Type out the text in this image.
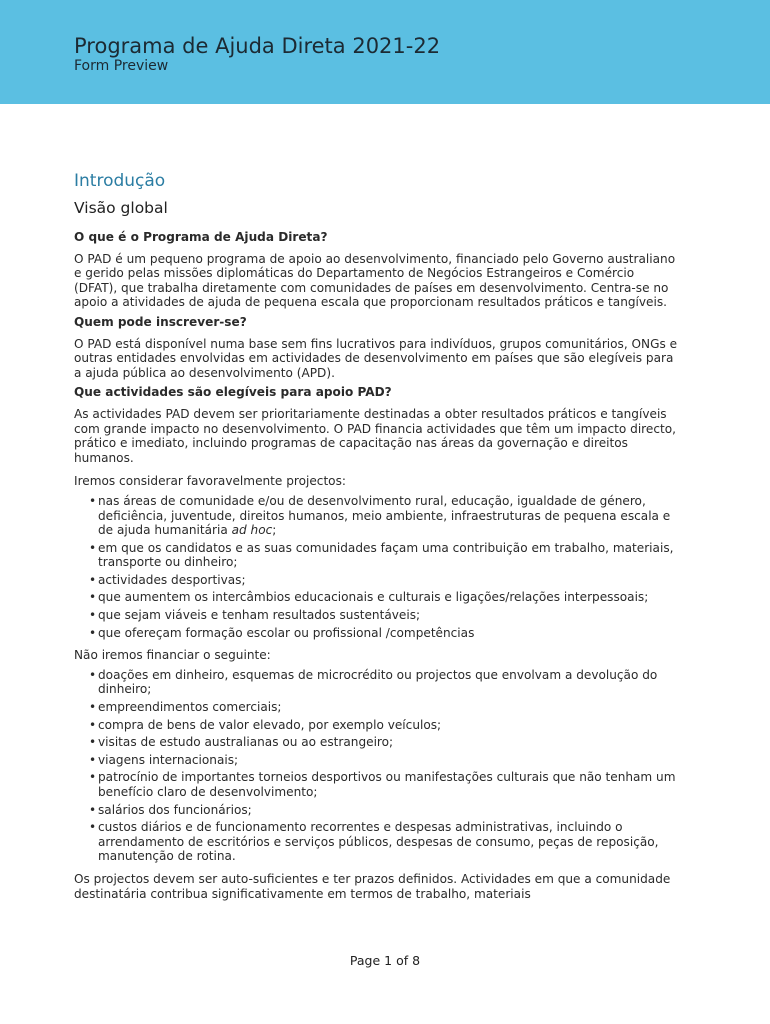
Programa de Ajuda Direta 2021-22
Form Preview
Introdução
Visão global
O que é o Programa de Ajuda Direta?
O PAD é um pequeno programa de apoio ao desenvolvimento, financiado pelo Governo australiano e gerido pelas missões diplomáticas do Departamento de Negócios Estrangeiros e Comércio (DFAT), que trabalha diretamente com comunidades de países em desenvolvimento. Centra-se no apoio a atividades de ajuda de pequena escala que proporcionam resultados práticos e tangíveis.
Quem pode inscrever-se?
O PAD está disponível numa base sem fins lucrativos para indivíduos, grupos comunitários, ONGs e outras entidades envolvidas em actividades de desenvolvimento em países que são elegíveis para a ajuda pública ao desenvolvimento (APD).
Que actividades são elegíveis para apoio PAD?
As actividades PAD devem ser prioritariamente destinadas a obter resultados práticos e tangíveis com grande impacto no desenvolvimento. O PAD financia actividades que têm um impacto directo, prático e imediato, incluindo programas de capacitação nas áreas da governação e direitos humanos.
Iremos considerar favoravelmente projectos:
• nas áreas de comunidade e/ou de desenvolvimento rural, educação, igualdade de género, deficiência, juventude, direitos humanos, meio ambiente, infraestruturas de pequena escala e de ajuda humanitária ad hoc;
• em que os candidatos e as suas comunidades façam uma contribuição em trabalho, materiais, transporte ou dinheiro;
• actividades desportivas;
• que aumentem os intercâmbios educacionais e culturais e ligações/relações interpessoais;
• que sejam viáveis e tenham resultados sustentáveis;
• que ofereçam formação escolar ou profissional /competências
Não iremos financiar o seguinte:
• doações em dinheiro, esquemas de microcrédito ou projectos que envolvam a devolução do dinheiro;
• empreendimentos comerciais;
• compra de bens de valor elevado, por exemplo veículos;
• visitas de estudo australianas ou ao estrangeiro;
• viagens internacionais;
• patrocínio de importantes torneios desportivos ou manifestações culturais que não tenham um benefício claro de desenvolvimento;
• salários dos funcionários;
• custos diários e de funcionamento recorrentes e despesas administrativas, incluindo o arrendamento de escritórios e serviços públicos, despesas de consumo, peças de reposição, manutenção de rotina.
Os projectos devem ser auto-suficientes e ter prazos definidos. Actividades em que a comunidade destinatária contribua significativamente em termos de trabalho, materiais
Page 1 of 8
